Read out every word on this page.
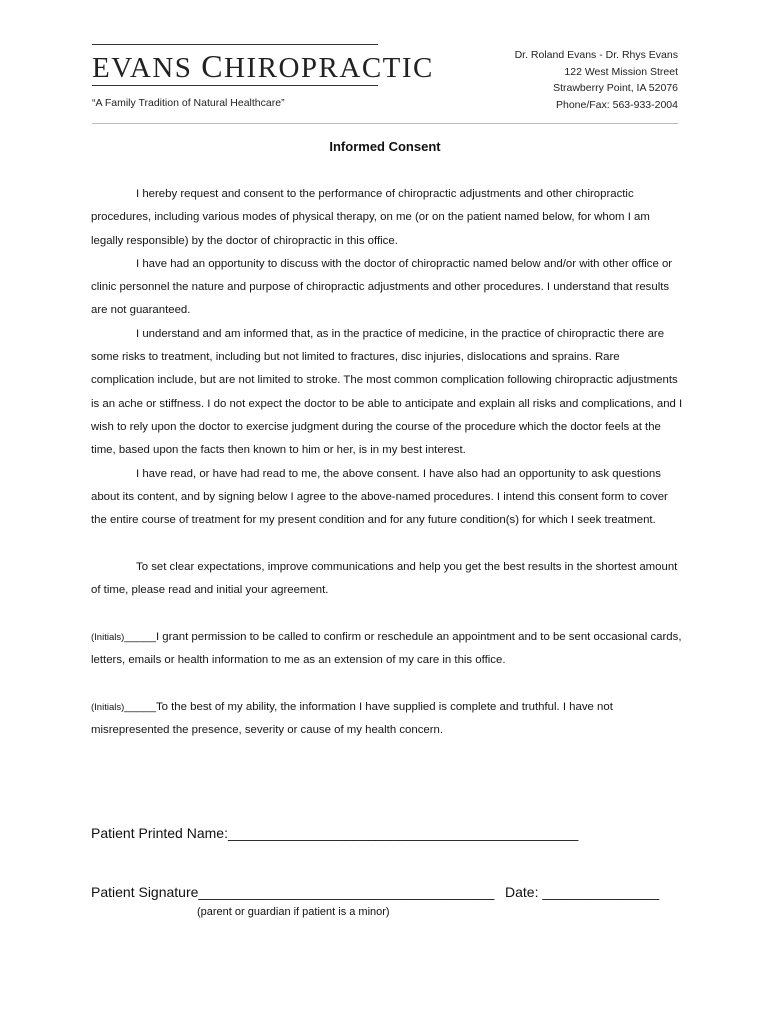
EVANS CHIROPRACTIC
“A Family Tradition of Natural Healthcare”
Dr. Roland Evans - Dr. Rhys Evans
122 West Mission Street
Strawberry Point, IA 52076
Phone/Fax: 563-933-2004
Informed Consent

I hereby request and consent to the performance of chiropractic adjustments and other chiropractic procedures, including various modes of physical therapy, on me (or on the patient named below, for whom I am legally responsible) by the doctor of chiropractic in this office.

I have had an opportunity to discuss with the doctor of chiropractic named below and/or with other office or clinic personnel the nature and purpose of chiropractic adjustments and other procedures. I understand that results are not guaranteed.

I understand and am informed that, as in the practice of medicine, in the practice of chiropractic there are some risks to treatment, including but not limited to fractures, disc injuries, dislocations and sprains. Rare complication include, but are not limited to stroke. The most common complication following chiropractic adjustments is an ache or stiffness. I do not expect the doctor to be able to anticipate and explain all risks and complications, and I wish to rely upon the doctor to exercise judgment during the course of the procedure which the doctor feels at the time, based upon the facts then known to him or her, is in my best interest.

I have read, or have had read to me, the above consent. I have also had an opportunity to ask questions about its content, and by signing below I agree to the above-named procedures. I intend this consent form to cover the entire course of treatment for my present condition and for any future condition(s) for which I seek treatment.

To set clear expectations, improve communications and help you get the best results in the shortest amount of time, please read and initial your agreement.

(Initials)_____I grant permission to be called to confirm or reschedule an appointment and to be sent occasional cards, letters, emails or health information to me as an extension of my care in this office.

(Initials)_____To the best of my ability, the information I have supplied is complete and truthful. I have not misrepresented the presence, severity or cause of my health concern.

Patient Printed Name:_____________________________________________
Patient Signature______________________________________ Date: _______________
(parent or guardian if patient is a minor)
